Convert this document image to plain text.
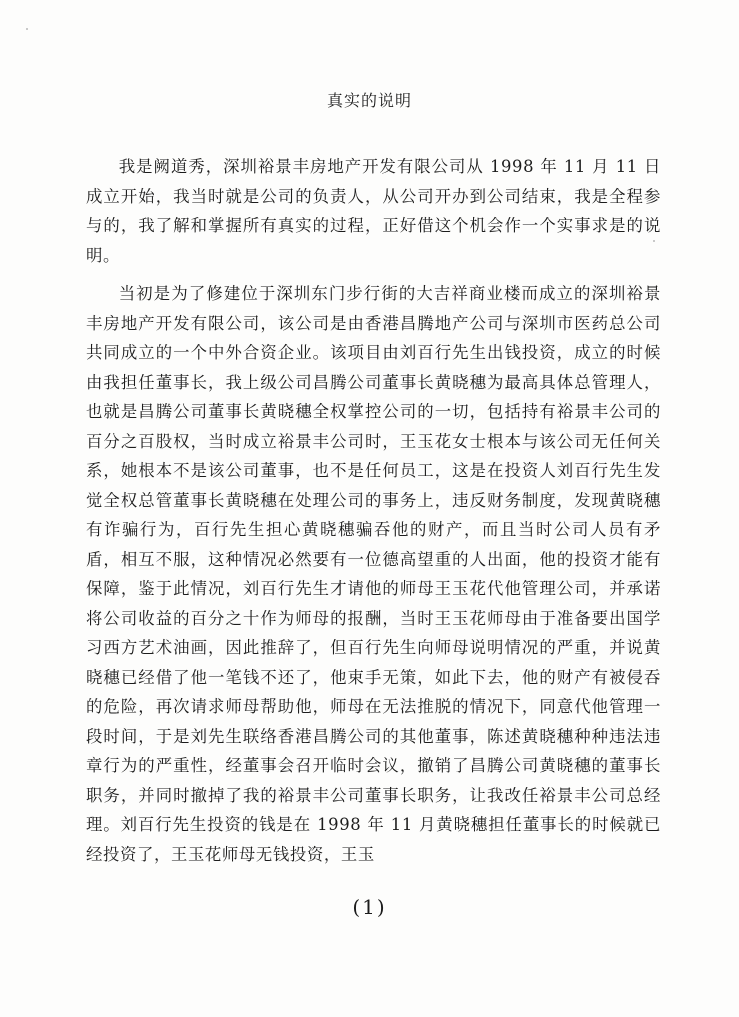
真实的说明

我是阙道秀，深圳裕景丰房地产开发有限公司从 1998 年 11 月 11 日成立开始，我当时就是公司的负责人，从公司开办到公司结束，我是全程参与的，我了解和掌握所有真实的过程，正好借这个机会作一个实事求是的说明。

当初是为了修建位于深圳东门步行街的大吉祥商业楼而成立的深圳裕景丰房地产开发有限公司，该公司是由香港昌腾地产公司与深圳市医药总公司共同成立的一个中外合资企业。该项目由刘百行先生出钱投资，成立的时候由我担任董事长，我上级公司昌腾公司董事长黄晓穗为最高具体总管理人，也就是昌腾公司董事长黄晓穗全权掌控公司的一切，包括持有裕景丰公司的百分之百股权，当时成立裕景丰公司时，王玉花女士根本与该公司无任何关系，她根本不是该公司董事，也不是任何员工，这是在投资人刘百行先生发觉全权总管董事长黄晓穗在处理公司的事务上，违反财务制度，发现黄晓穗有诈骗行为，百行先生担心黄晓穗骗吞他的财产，而且当时公司人员有矛盾，相互不服，这种情况必然要有一位德高望重的人出面，他的投资才能有保障，鉴于此情况，刘百行先生才请他的师母王玉花代他管理公司，并承诺将公司收益的百分之十作为师母的报酬，当时王玉花师母由于准备要出国学习西方艺术油画，因此推辞了，但百行先生向师母说明情况的严重，并说黄晓穗已经借了他一笔钱不还了，他束手无策，如此下去，他的财产有被侵吞的危险，再次请求师母帮助他，师母在无法推脱的情况下，同意代他管理一段时间，于是刘先生联络香港昌腾公司的其他董事，陈述黄晓穗种种违法违章行为的严重性，经董事会召开临时会议，撤销了昌腾公司黄晓穗的董事长职务，并同时撤掉了我的裕景丰公司董事长职务，让我改任裕景丰公司总经理。刘百行先生投资的钱是在 1998 年 11 月黄晓穗担任董事长的时候就已经投资了，王玉花师母无钱投资，王玉

(1)
